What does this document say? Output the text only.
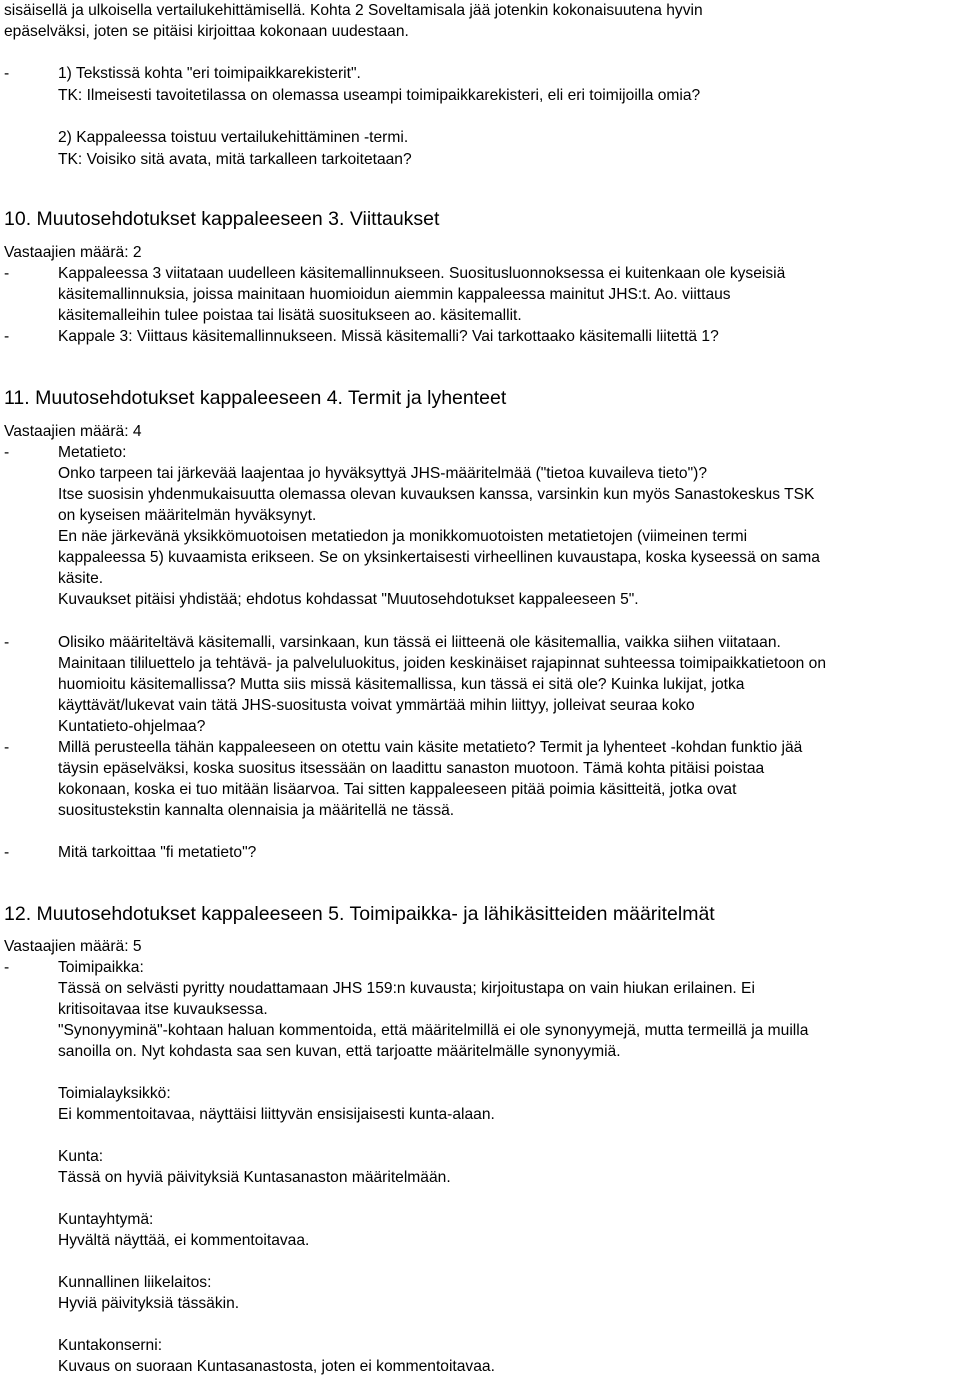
sisäisellä ja ulkoisella vertailukehittämisellä. Kohta 2 Soveltamisala jää jotenkin kokonaisuutena hyvin
epäselväksi, joten se pitäisi kirjoittaa kokonaan uudestaan.
-	1) Tekstissä kohta "eri toimipaikkarekisterit".
TK: Ilmeisesti tavoitetilassa on olemassa useampi toimipaikkarekisteri, eli eri toimijoilla omia?
2) Kappaleessa toistuu vertailukehittäminen -termi.
TK: Voisiko sitä avata, mitä tarkalleen tarkoitetaan?
10. Muutosehdotukset kappaleeseen 3. Viittaukset
Vastaajien määrä: 2
-	Kappaleessa 3 viitataan uudelleen käsitemallinnukseen. Suositusluonnoksessa ei kuitenkaan ole kyseisiä
käsitemallinnuksia, joissa mainitaan huomioidun aiemmin kappaleessa mainitut JHS:t. Ao. viittaus
käsitemalleihin tulee poistaa tai lisätä suositukseen ao. käsitemallit.
-	Kappale 3: Viittaus käsitemallinnukseen. Missä käsitemalli? Vai tarkottaako käsitemalli liitettä 1?
11. Muutosehdotukset kappaleeseen 4. Termit ja lyhenteet
Vastaajien määrä: 4
-	Metatieto:
Onko tarpeen tai järkevää laajentaa jo hyväksyttyä JHS-määritelmää ("tietoa kuvaileva tieto")?
Itse suosisin yhdenmukaisuutta olemassa olevan kuvauksen kanssa, varsinkin kun myös Sanastokeskus TSK
on kyseisen määritelmän hyväksynyt.
En näe järkevänä yksikkömuotoisen metatiedon ja monikkomuotoisten metatietojen (viimeinen termi
kappaleessa 5) kuvaamista erikseen. Se on yksinkertaisesti virheellinen kuvaustapa, koska kyseessä on sama
käsite.
Kuvaukset pitäisi yhdistää; ehdotus kohdassat "Muutosehdotukset kappaleeseen 5".
-	Olisiko määriteltävä käsitemalli, varsinkaan, kun tässä ei liitteenä ole käsitemallia, vaikka siihen viitataan.
Mainitaan tililuettelo ja tehtävä- ja palveluluokitus, joiden keskinäiset rajapinnat suhteessa toimipaikkatietoon on
huomioitu käsitemallissa? Mutta siis missä käsitemallissa, kun tässä ei sitä ole? Kuinka lukijat, jotka
käyttävät/lukevat vain tätä JHS-suositusta voivat ymmärtää mihin liittyy, jolleivat seuraa koko
Kuntatieto-ohjelmaa?
-	Millä perusteella tähän kappaleeseen on otettu vain käsite metatieto? Termit ja lyhenteet -kohdan funktio jää
täysin epäselväksi, koska suositus itsessään on laadittu sanaston muotoon. Tämä kohta pitäisi poistaa
kokonaan, koska ei tuo mitään lisäarvoa. Tai sitten kappaleeseen pitää poimia käsitteitä, jotka ovat
suositustekstin kannalta olennaisia ja määritellä ne tässä.
-	Mitä tarkoittaa "fi metatieto"?
12. Muutosehdotukset kappaleeseen 5. Toimipaikka- ja lähikäsitteiden määritelmät
Vastaajien määrä: 5
-	Toimipaikka:
Tässä on selvästi pyritty noudattamaan JHS 159:n kuvausta; kirjoitustapa on vain hiukan erilainen. Ei
kritisoitavaa itse kuvauksessa.
"Synonyyminä"-kohtaan haluan kommentoida, että määritelmillä ei ole synonyymejä, mutta termeillä ja muilla
sanoilla on. Nyt kohdasta saa sen kuvan, että tarjoatte määritelmälle synonyymiä.
Toimialayksikkö:
Ei kommentoitavaa, näyttäisi liittyvän ensisijaisesti kunta-alaan.
Kunta:
Tässä on hyviä päivityksiä Kuntasanaston määritelmään.
Kuntayhtymä:
Hyvältä näyttää, ei kommentoitavaa.
Kunnallinen liikelaitos:
Hyviä päivityksiä tässäkin.
Kuntakonserni:
Kuvaus on suoraan Kuntasanastosta, joten ei kommentoitavaa.
